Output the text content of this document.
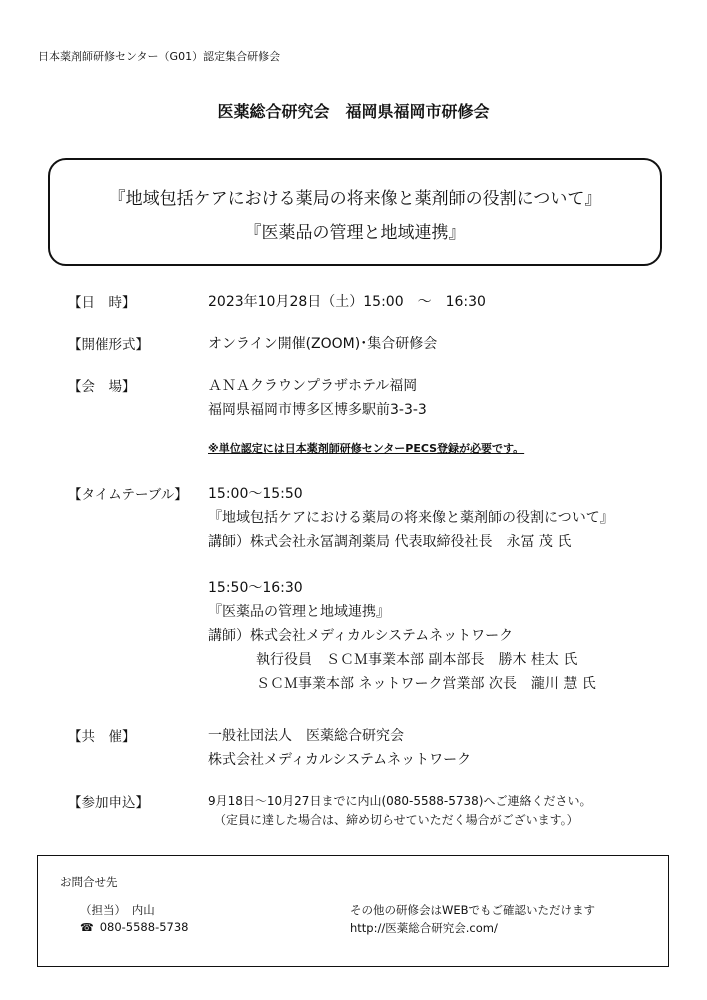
日本薬剤師研修センター（G01）認定集合研修会
医薬総合研究会　福岡県福岡市研修会
『地域包括ケアにおける薬局の将来像と薬剤師の役割について』
『医薬品の管理と地域連携』
【日　時】	2023年10月28日（土）15:00　～　16:30
【開催形式】	オンライン開催(ZOOM)･集合研修会
【会　場】	ＡＮＡクラウンプラザホテル福岡
福岡県福岡市博多区博多駅前3-3-3
※単位認定には日本薬剤師研修センターPECS登録が必要です。
【タイムテーブル】 15:00～15:50
『地域包括ケアにおける薬局の将来像と薬剤師の役割について』
講師）株式会社永冨調剤薬局 代表取締役社長　永冨 茂 氏
15:50～16:30
『医薬品の管理と地域連携』
講師）株式会社メディカルシステムネットワーク
執行役員　ＳＣＭ事業本部 副本部長　勝木 桂太 氏
ＳＣＭ事業本部 ネットワーク営業部 次長　瀧川 慧 氏
【共　催】	一般社団法人　医薬総合研究会
株式会社メディカルシステムネットワーク
【参加申込】	9月18日～10月27日までに内山(080-5588-5738)へご連絡ください。
（定員に達した場合は、締め切らせていただく場合がございます。）
お問合せ先
（担当）　内山
☎ 080-5588-5738
その他の研修会はWEBでもご確認いただけます
http://医薬総合研究会.com/
